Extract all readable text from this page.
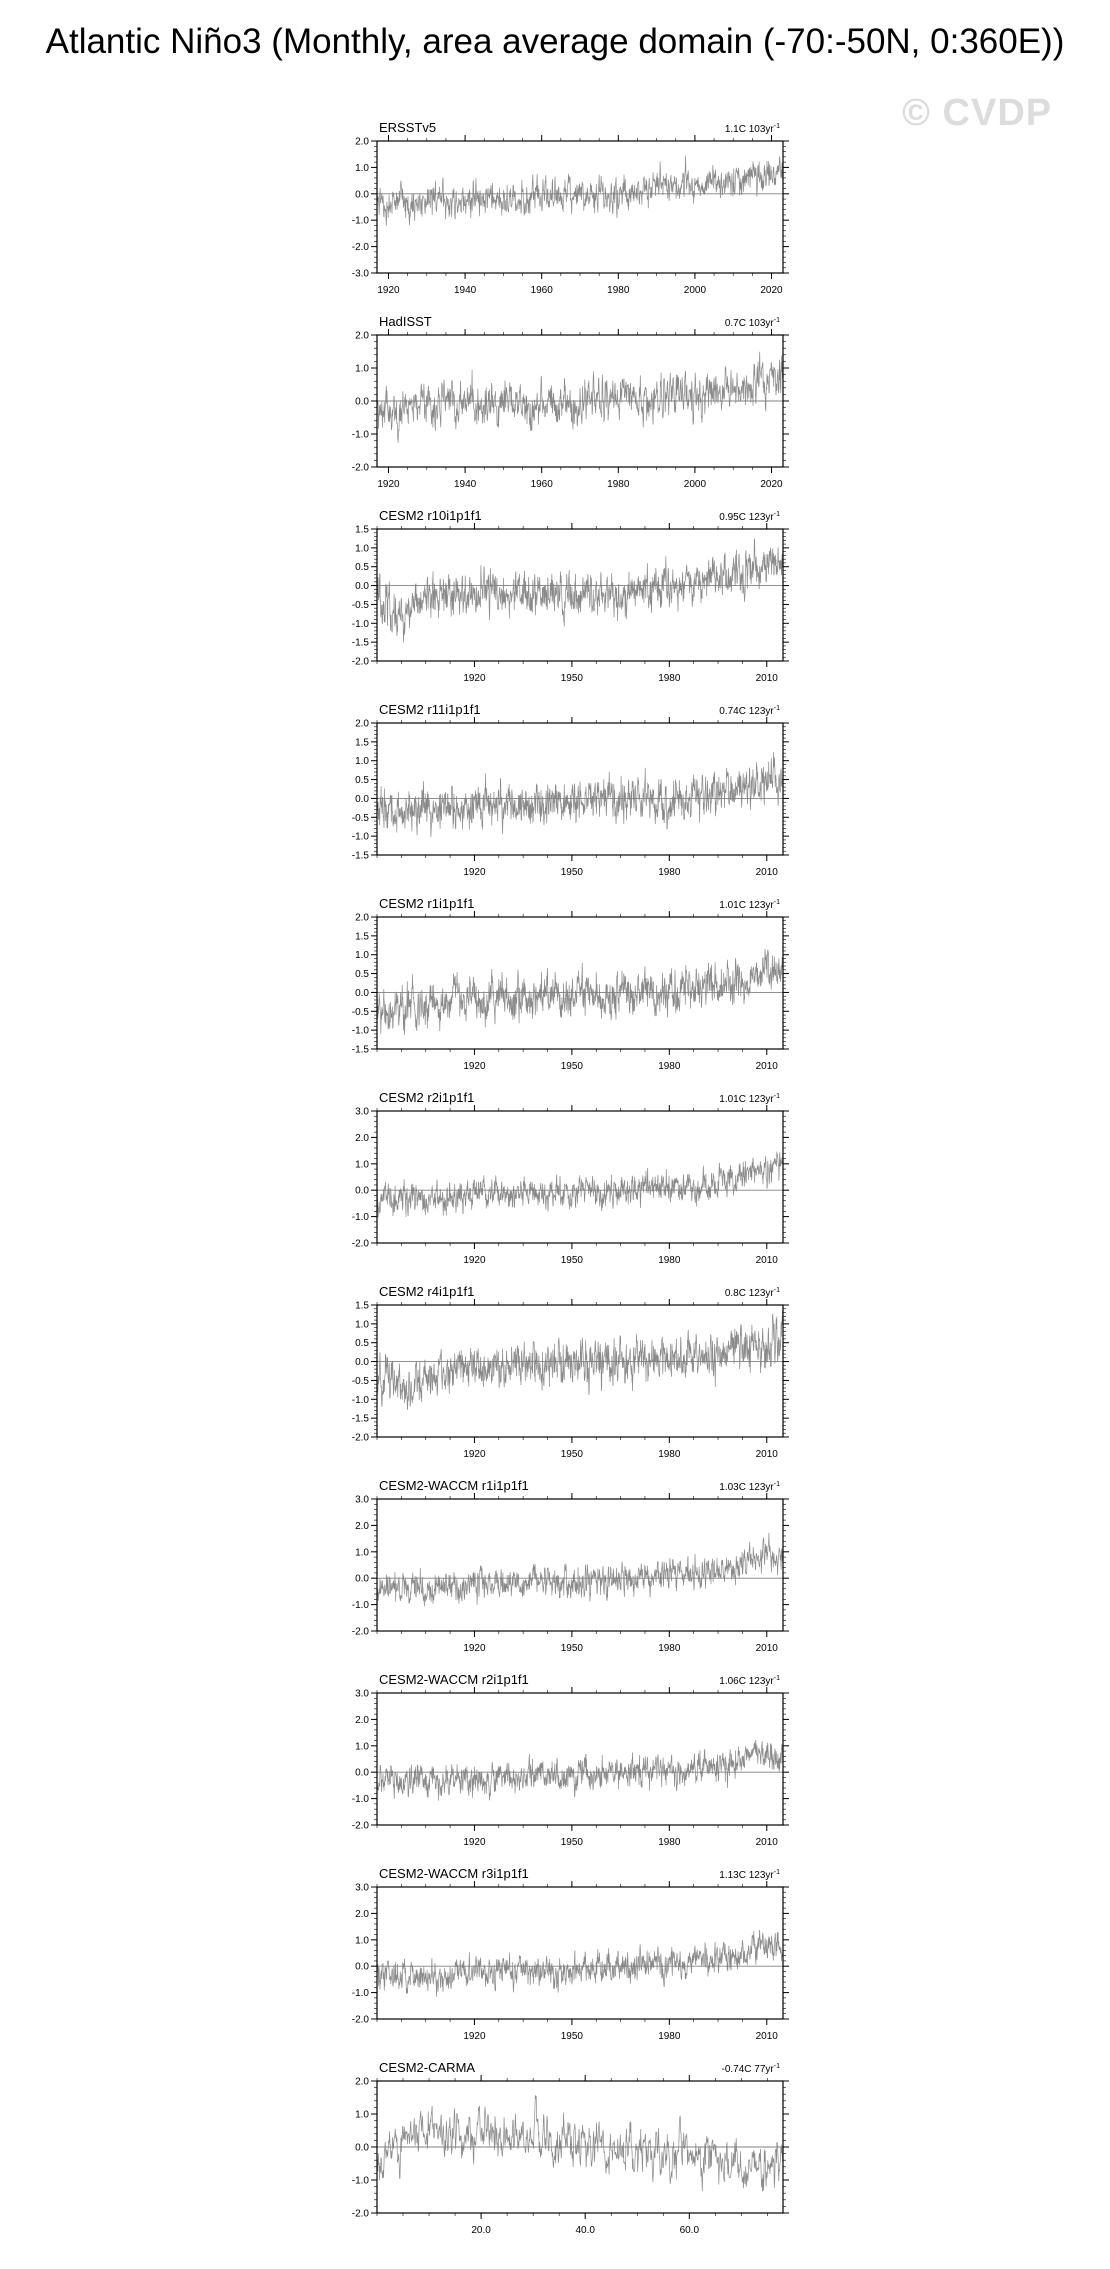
Atlantic Niño3 (Monthly, area average domain (-70:-50N, 0:360E))
© CVDP
ERSSTv5	1.1C $103yr^{-1}$
2.0
1.0
0.0
-1.0
-2.0
-3.0
1920	1940	1960	1980	2000	2020
HadISST	0.7C $103yr^{-1}$
2.0
1.0
0.0
-1.0
-2.0
1920	1940	1960	1980	2000	2020
CESM2 r10i1p1f1	0.95C $123yr^{-1}$
1.5
1.0
0.5
0.0
-0.5
-1.0
-1.5
-2.0
1920	1950	1980	2010
CESM2 r11i1p1f1	0.74C $123yr^{-1}$
2.0
1.5
1.0
0.5
0.0
-0.5
-1.0
-1.5
1920	1950	1980	2010
CESM2 r1i1p1f1	1.01C $123yr^{-1}$
2.0
1.5
1.0
0.5
0.0
-0.5
-1.0
-1.5
1920	1950	1980	2010
CESM2 r2i1p1f1	1.01C $123yr^{-1}$
3.0
2.0
1.0
0.0
-1.0
-2.0
1920	1950	1980	2010
CESM2 r4i1p1f1	0.8C $123yr^{-1}$
1.5
1.0
0.5
0.0
-0.5
-1.0
-1.5
-2.0
1920	1950	1980	2010
CESM2-WACCM r1i1p1f1	1.03C $123yr^{-1}$
3.0
2.0
1.0
0.0
-1.0
-2.0
1920	1950	1980	2010
CESM2-WACCM r2i1p1f1	1.06C $123yr^{-1}$
3.0
2.0
1.0
0.0
-1.0
-2.0
1920	1950	1980	2010
CESM2-WACCM r3i1p1f1	1.13C $123yr^{-1}$
3.0
2.0
1.0
0.0
-1.0
-2.0
1920	1950	1980	2010
CESM2-CARMA	-0.74C $77yr^{-1}$
2.0
1.0
0.0
-1.0
-2.0
20.0	40.0	60.0
